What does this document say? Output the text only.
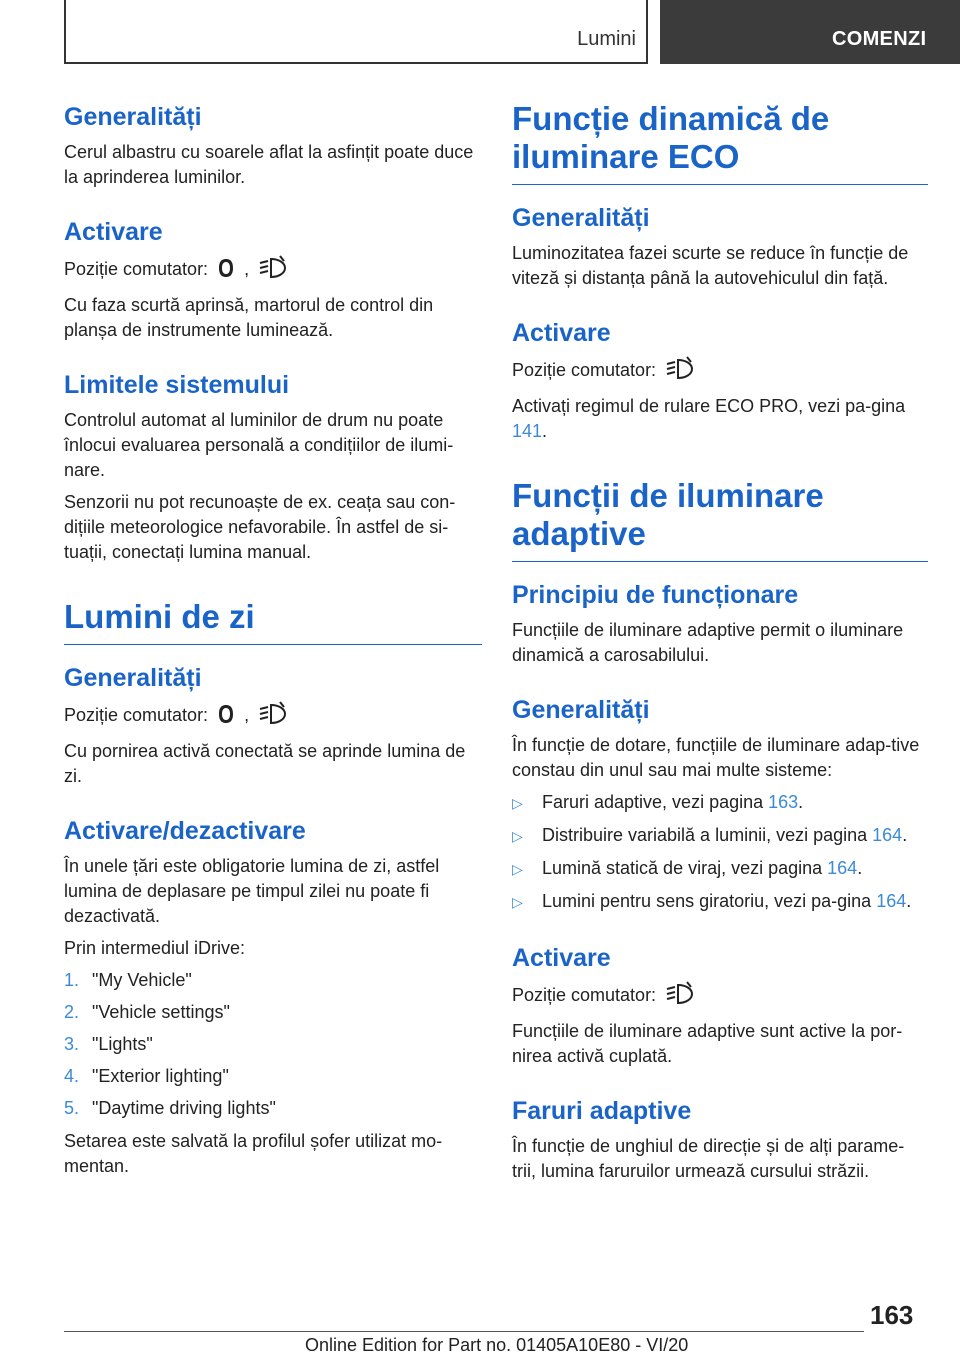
Lumini	COMENZI
Generalități

Cerul albastru cu soarele aflat la asfințit poate duce la aprinderea luminilor.

Activare

Poziție comutator: ,

Cu faza scurtă aprinsă, martorul de control din planșa de instrumente luminează.

Limitele sistemului

Controlul automat al luminilor de drum nu poate înlocui evaluarea personală a condițiilor de ilumi-nare.

Senzorii nu pot recunoaște de ex. ceața sau con-dițiile meteorologice nefavorabile. În astfel de si-tuații, conectați lumina manual.

Lumini de zi
Generalități

Poziție comutator: ,

Cu pornirea activă conectată se aprinde lumina de zi.

Activare/dezactivare

În unele țări este obligatorie lumina de zi, astfel lumina de deplasare pe timpul zilei nu poate fi dezactivată.

Prin intermediul iDrive:

1. "My Vehicle"
2. "Vehicle settings"
3. "Lights"
4. "Exterior lighting"
5. "Daytime driving lights"

Setarea este salvată la profilul șofer utilizat mo-mentan.

Funcție dinamică de iluminare ECO
Generalități

Luminozitatea fazei scurte se reduce în funcție de viteză și distanța până la autovehiculul din față.

Activare

Poziție comutator:

Activați regimul de rulare ECO PRO, vezi pa-gina 141.

Funcții de iluminare adaptive
Principiu de funcționare

Funcțiile de iluminare adaptive permit o iluminare dinamică a carosabilului.

Generalități

În funcție de dotare, funcțiile de iluminare adap-tive constau din unul sau mai multe sisteme:

▷	Faruri adaptive, vezi pagina 163.
▷	Distribuire variabilă a luminii, vezi pagina 164.
▷	Lumină statică de viraj, vezi pagina 164.
▷	Lumini pentru sens giratoriu, vezi pa-gina 164.
Activare

Poziție comutator:

Funcțiile de iluminare adaptive sunt active la por-nirea activă cuplată.

Faruri adaptive

În funcție de unghiul de direcție și de alți parame-trii, lumina faruruilor urmează cursului străzii.

163
Online Edition for Part no. 01405A10E80 - VI/20
